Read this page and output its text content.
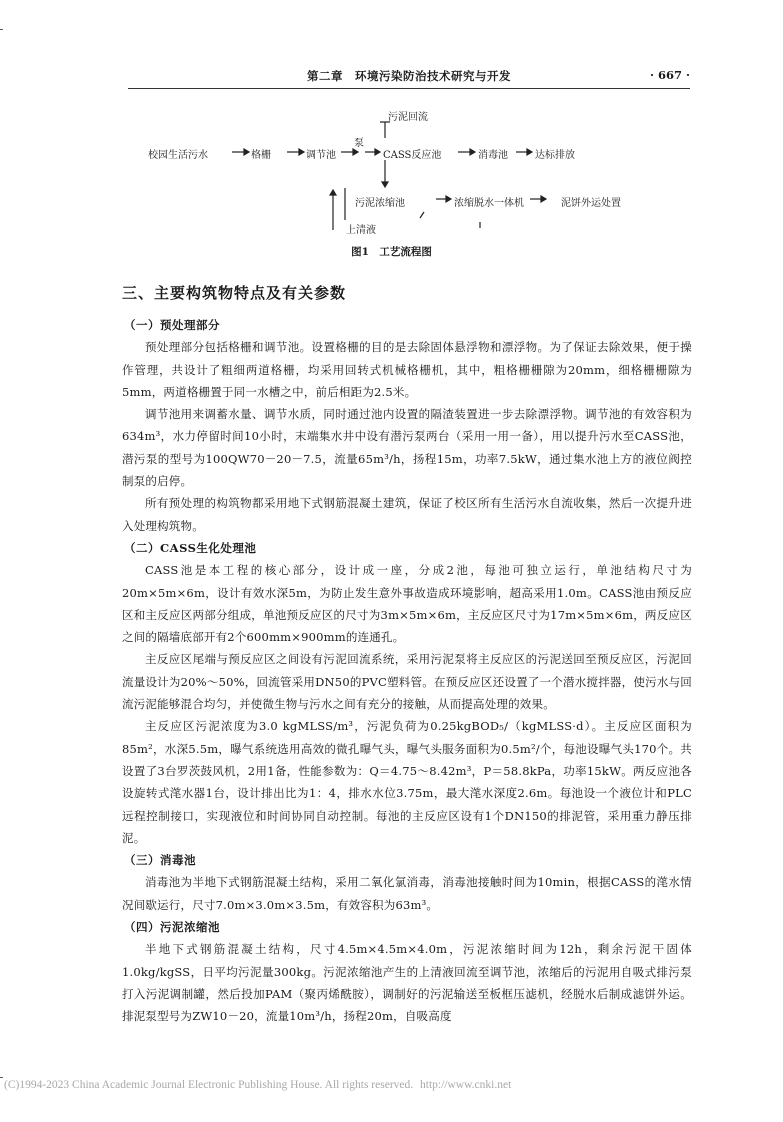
第二章　环境污染防治技术研究与开发	· 667 ·
校园生活污水	格栅	调节池
泵
CASS反应池	消毒池	达标排放
污泥回流
污泥浓缩池	浓缩脱水一体机	泥饼外运处置
上清液
图1　工艺流程图
三、主要构筑物特点及有关参数

（一）预处理部分

预处理部分包括格栅和调节池。设置格栅的目的是去除固体悬浮物和漂浮物。为了保证去除效果，便于操作管理，共设计了粗细两道格栅，均采用回转式机械格栅机，其中，粗格栅栅隙为20mm，细格栅栅隙为5mm，两道格栅置于同一水槽之中，前后相距为2.5米。

调节池用来调蓄水量、调节水质，同时通过池内设置的隔渣装置进一步去除漂浮物。调节池的有效容积为634m³，水力停留时间10小时，末端集水井中设有潜污泵两台（采用一用一备），用以提升污水至CASS池，潜污泵的型号为100QW70－20－7.5，流量65m³/h，扬程15m，功率7.5kW，通过集水池上方的液位阀控制泵的启停。

所有预处理的构筑物都采用地下式钢筋混凝土建筑，保证了校区所有生活污水自流收集，然后一次提升进入处理构筑物。

（二）CASS生化处理池

CASS池是本工程的核心部分，设计成一座，分成2池，每池可独立运行，单池结构尺寸为20m×5m×6m，设计有效水深5m，为防止发生意外事故造成环境影响，超高采用1.0m。CASS池由预反应区和主反应区两部分组成，单池预反应区的尺寸为3m×5m×6m，主反应区尺寸为17m×5m×6m，两反应区之间的隔墙底部开有2个600mm×900mm的连通孔。

主反应区尾端与预反应区之间设有污泥回流系统，采用污泥泵将主反应区的污泥送回至预反应区，污泥回流量设计为20%～50%，回流管采用DN50的PVC塑料管。在预反应区还设置了一个潜水搅拌器，使污水与回流污泥能够混合均匀，并使微生物与污水之间有充分的接触，从而提高处理的效果。

主反应区污泥浓度为3.0 kgMLSS/m³，污泥负荷为0.25kgBOD₅/（kgMLSS·d）。主反应区面积为85m²，水深5.5m，曝气系统选用高效的微孔曝气头，曝气头服务面积为0.5m²/个，每池设曝气头170个。共设置了3台罗茨鼓风机，2用1备，性能参数为：Q＝4.75～8.42m³，P＝58.8kPa，功率15kW。两反应池各设旋转式滗水器1台，设计排出比为1：4，排水水位3.75m，最大滗水深度2.6m。每池设一个液位计和PLC远程控制接口，实现液位和时间协同自动控制。每池的主反应区设有1个DN150的排泥管，采用重力静压排泥。

（三）消毒池

消毒池为半地下式钢筋混凝土结构，采用二氧化氯消毒，消毒池接触时间为10min，根据CASS的滗水情况间歇运行，尺寸7.0m×3.0m×3.5m，有效容积为63m³。

（四）污泥浓缩池

半地下式钢筋混凝土结构，尺寸4.5m×4.5m×4.0m，污泥浓缩时间为12h，剩余污泥干固体1.0kg/kgSS，日平均污泥量300kg。污泥浓缩池产生的上清液回流至调节池，浓缩后的污泥用自吸式排污泵打入污泥调制罐，然后投加PAM（聚丙烯酰胺），调制好的污泥输送至板框压滤机，经脱水后制成滤饼外运。排泥泵型号为ZW10－20，流量10m³/h，扬程20m，自吸高度

(C)1994-2023 China Academic Journal Electronic Publishing House. All rights reserved. http://www.cnki.net
